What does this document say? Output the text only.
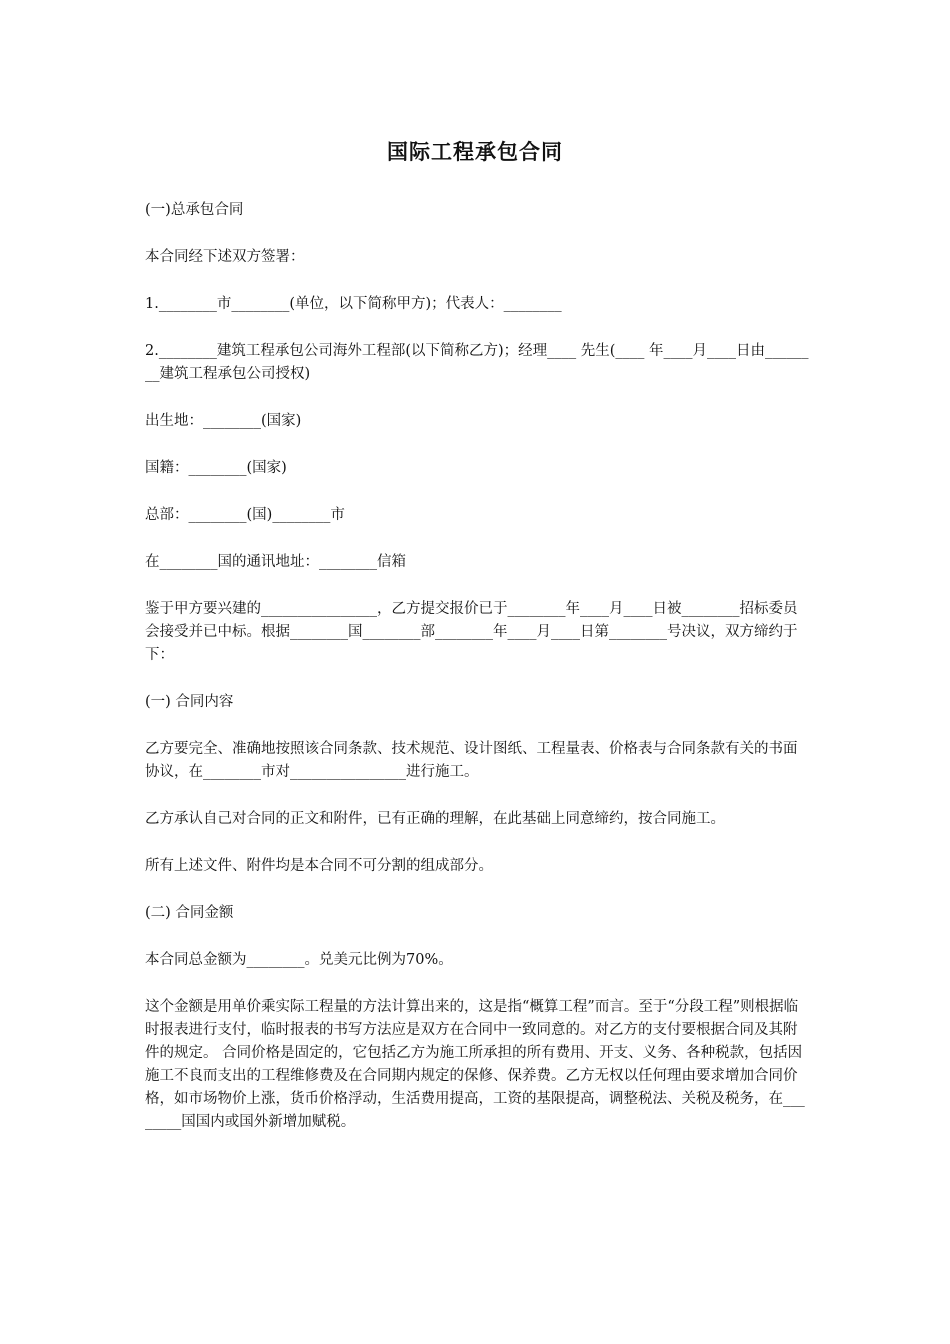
国际工程承包合同

(一)总承包合同

本合同经下述双方签署：

1.________市________(单位，以下简称甲方)；代表人：________

2.________建筑工程承包公司海外工程部(以下简称乙方)；经理____ 先生(____ 年____月____日由________建筑工程承包公司授权)

出生地：________(国家)

国籍：________(国家)

总部：________(国)________市

在________国的通讯地址：________信箱

鉴于甲方要兴建的________________，乙方提交报价已于________年____月____日被________招标委员会接受并已中标。根据________国________部________年____月____日第________号决议，双方缔约于下：

(一) 合同内容

乙方要完全、准确地按照该合同条款、技术规范、设计图纸、工程量表、价格表与合同条款有关的书面协议，在________市对________________进行施工。

乙方承认自己对合同的正文和附件，已有正确的理解，在此基础上同意缔约，按合同施工。

所有上述文件、附件均是本合同不可分割的组成部分。

(二) 合同金额

本合同总金额为________。兑美元比例为70%。

这个金额是用单价乘实际工程量的方法计算出来的，这是指“概算工程”而言。至于“分段工程”则根据临时报表进行支付，临时报表的书写方法应是双方在合同中一致同意的。对乙方的支付要根据合同及其附件的规定。 合同价格是固定的，它包括乙方为施工所承担的所有费用、开支、义务、各种税款，包括因施工不良而支出的工程维修费及在合同期内规定的保修、保养费。乙方无权以任何理由要求增加合同价格，如市场物价上涨，货币价格浮动，生活费用提高，工资的基限提高，调整税法、关税及税务，在________国国内或国外新增加赋税。
